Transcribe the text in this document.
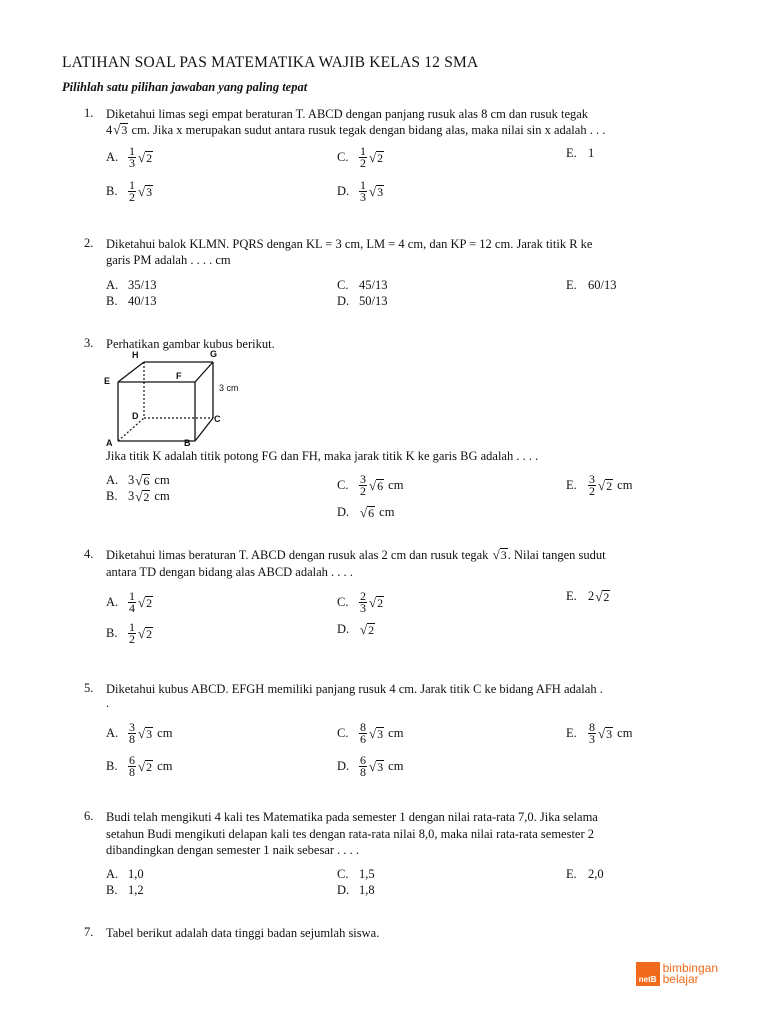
LATIHAN SOAL PAS MATEMATIKA WAJIB KELAS 12 SMA
Pilihlah satu pilihan jawaban yang paling tepat
1. Diketahui limas segi empat beraturan T. ABCD dengan panjang rusuk alas 8 cm dan rusuk tegak
4 √ 3 cm. Jika x merupakan sudut antara rusuk tegak dengan bidang alas, maka nilai sin x adalah . . .
A. $\frac{1}{3}$ √ 2
B. $\frac{1}{2}$ √ 3
C. $\frac{1}{2}$ √ 2
D. $\frac{1}{3}$ √ 3
E. 1
2. Diketahui balok KLMN. PQRS dengan KL = 3 cm, LM = 4 cm, dan KP = 12 cm. Jarak titik R ke
garis PM adalah . . . . cm
A. 35/13
B. 40/13
C. 45/13
D. 50/13
E. 60/13
3. Perhatikan gambar kubus berikut.
H	G
E	F
D	C
A	B
3 cm
Jika titik K adalah titik potong FG dan FH, maka jarak titik K ke garis BG adalah . . . .
A. 3 √ 6 cm
B. 3 √ 2 cm
C. $\frac{3}{2}$ √ 6 cm
D. √ 6 cm
E. $\frac{3}{2}$ √ 2 cm
4. Diketahui limas beraturan T. ABCD dengan rusuk alas 2 cm dan rusuk tegak √ 3 . Nilai tangen sudut
antara TD dengan bidang alas ABCD adalah . . . .
A. $\frac{1}{4}$ √ 2
B. $\frac{1}{2}$ √ 2
C. $\frac{2}{3}$ √ 2
D. √ 2
E. 2 √ 2
5. Diketahui kubus ABCD. EFGH memiliki panjang rusuk 4 cm. Jarak titik C ke bidang AFH adalah .
.
A. $\frac{3}{8}$ √ 3 cm
B. $\frac{6}{8}$ √ 2 cm
C. $\frac{8}{6}$ √ 3 cm
D. $\frac{6}{8}$ √ 3 cm
E. $\frac{8}{3}$ √ 3 cm
6. Budi telah mengikuti 4 kali tes Matematika pada semester 1 dengan nilai rata-rata 7,0. Jika selama
setahun Budi mengikuti delapan kali tes dengan rata-rata nilai 8,0, maka nilai rata-rata semester 2
dibandingkan dengan semester 1 naik sebesar . . . .
A. 1,0
B. 1,2
C. 1,5
D. 1,8
E. 2,0
7. Tabel berikut adalah data tinggi badan sejumlah siswa.
netB
bimbingan
belajar
